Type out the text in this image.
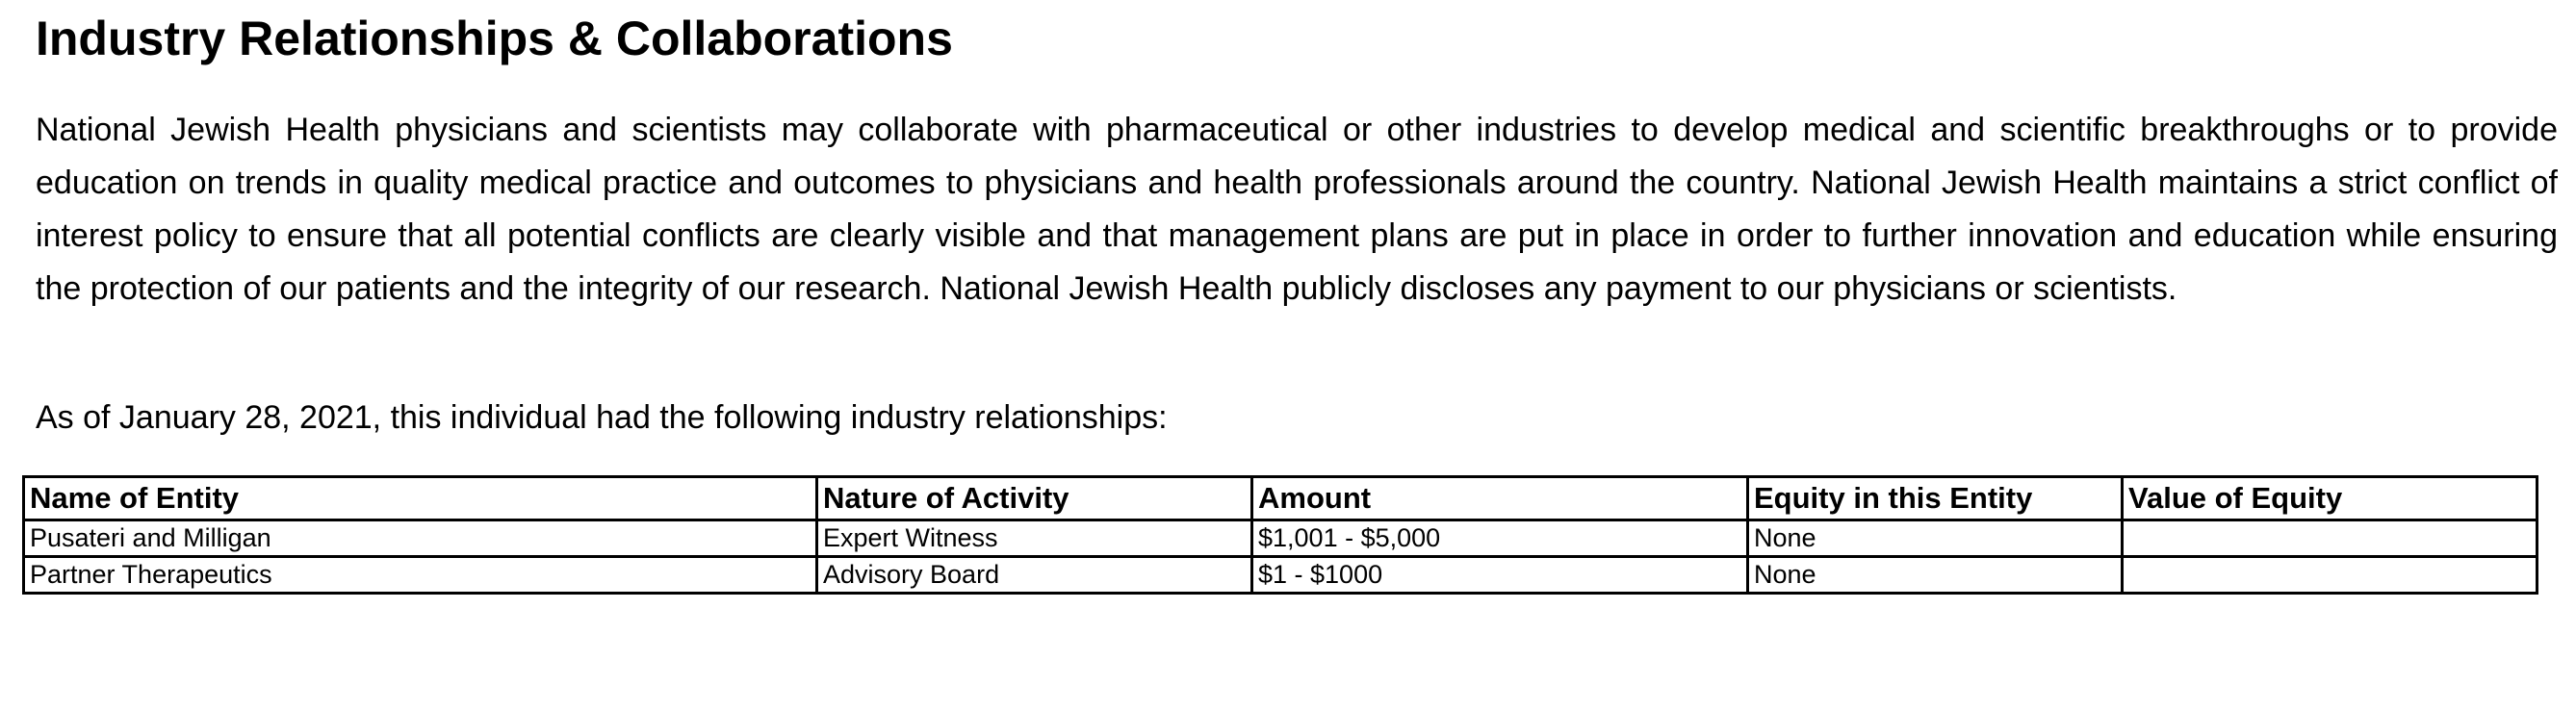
Industry Relationships & Collaborations

National Jewish Health physicians and scientists may collaborate with pharmaceutical or other industries to develop medical and scientific breakthroughs or to provide education on trends in quality medical practice and outcomes to physicians and health professionals around the country. National Jewish Health maintains a strict conflict of interest policy to ensure that all potential conflicts are clearly visible and that management plans are put in place in order to further innovation and education while ensuring the protection of our patients and the integrity of our research. National Jewish Health publicly discloses any payment to our physicians or scientists.

As of January 28, 2021, this individual had the following industry relationships:

Name of Entity	Nature of Activity	Amount	Equity in this Entity	Value of Equity
Pusateri and Milligan	Expert Witness	$1,001 - $5,000	None	
Partner Therapeutics	Advisory Board	$1 - $1000	None	
